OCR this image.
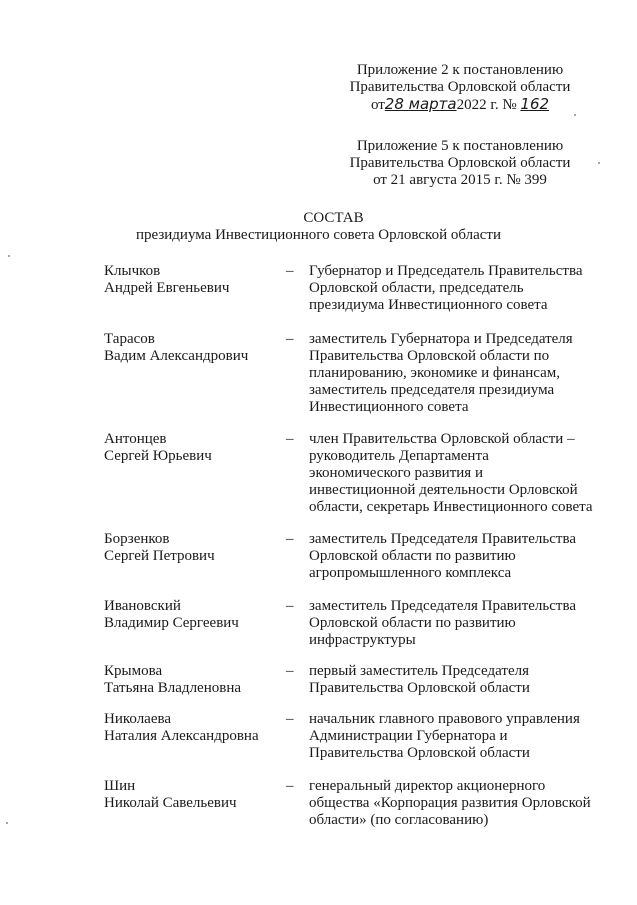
Приложение 2 к постановлению
Правительства Орловской области
от28 марта2022 г. № 162
Приложение 5 к постановлению
Правительства Орловской области
от 21 августа 2015 г. № 399
СОСТАВ
президиума Инвестиционного совета Орловской области
Клычков
Андрей Евгеньевич
–	Губернатор и Председатель Правительства
Орловской области, председатель
президиума Инвестиционного совета
Тарасов
Вадим Александрович
–	заместитель Губернатора и Председателя
Правительства Орловской области по
планированию, экономике и финансам,
заместитель председателя президиума
Инвестиционного совета
Антонцев
Сергей Юрьевич
–	член Правительства Орловской области –
руководитель Департамента
экономического развития и
инвестиционной деятельности Орловской
области, секретарь Инвестиционного совета
Борзенков
Сергей Петрович
–	заместитель Председателя Правительства
Орловской области по развитию
агропромышленного комплекса
Ивановский
Владимир Сергеевич
–	заместитель Председателя Правительства
Орловской области по развитию
инфраструктуры
Крымова
Татьяна Владленовна
–	первый заместитель Председателя
Правительства Орловской области
Николаева
Наталия Александровна
–	начальник главного правового управления
Администрации Губернатора и
Правительства Орловской области
Шин
Николай Савельевич
–	генеральный директор акционерного
общества «Корпорация развития Орловской
области» (по согласованию)
